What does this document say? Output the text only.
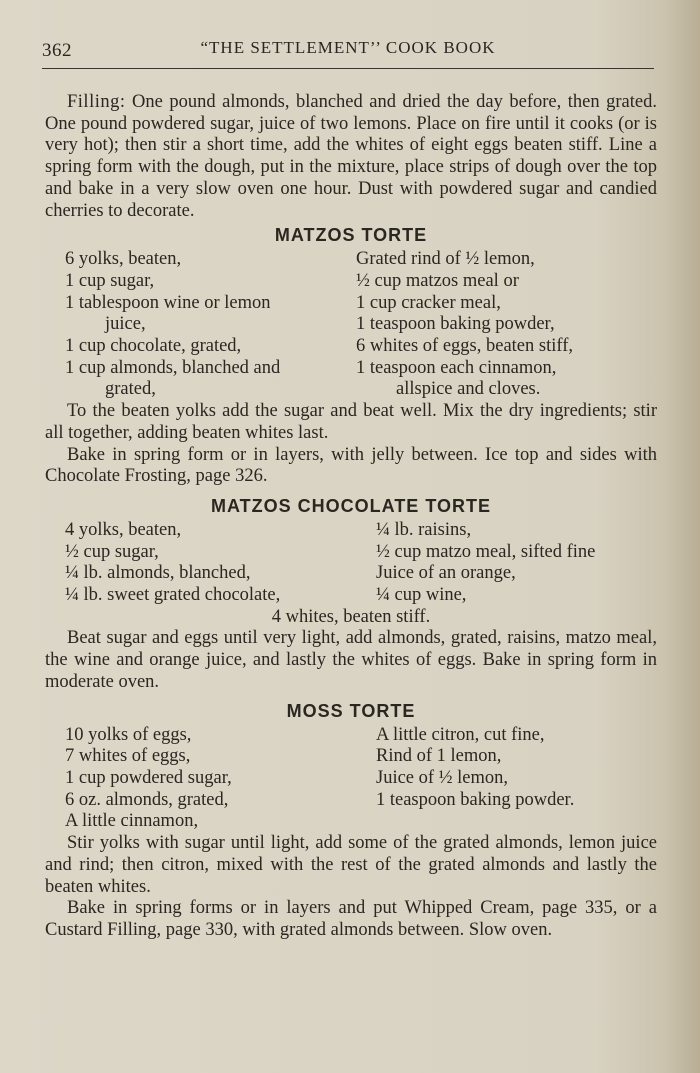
362	“THE SETTLEMENT’’ COOK BOOK

Filling: One pound almonds, blanched and dried the day before, then grated. One pound powdered sugar, juice of two lemons. Place on fire until it cooks (or is very hot); then stir a short time, add the whites of eight eggs beaten stiff. Line a spring form with the dough, put in the mixture, place strips of dough over the top and bake in a very slow oven one hour. Dust with powdered sugar and candied cherries to decorate.

MATZOS TORTE
6 yolks, beaten,
1 cup sugar,
1 tablespoon wine or lemon
juice,
1 cup chocolate, grated,
1 cup almonds, blanched and
grated,
Grated rind of ½ lemon,
½ cup matzos meal or
1 cup cracker meal,
1 teaspoon baking powder,
6 whites of eggs, beaten stiff,
1 teaspoon each cinnamon,
allspice and cloves.

To the beaten yolks add the sugar and beat well. Mix the dry ingredients; stir all together, adding beaten whites last.

Bake in spring form or in layers, with jelly between. Ice top and sides with Chocolate Frosting, page 326.

MATZOS CHOCOLATE TORTE
4 yolks, beaten,
½ cup sugar,
¼ lb. almonds, blanched,
¼ lb. sweet grated chocolate,
¼ lb. raisins,
½ cup matzo meal, sifted fine
Juice of an orange,
¼ cup wine,
4 whites, beaten stiff.

Beat sugar and eggs until very light, add almonds, grated, raisins, matzo meal, the wine and orange juice, and lastly the whites of eggs. Bake in spring form in moderate oven.

MOSS TORTE
10 yolks of eggs,
7 whites of eggs,
1 cup powdered sugar,
6 oz. almonds, grated,
A little cinnamon,
A little citron, cut fine,
Rind of 1 lemon,
Juice of ½ lemon,
1 teaspoon baking powder.

Stir yolks with sugar until light, add some of the grated almonds, lemon juice and rind; then citron, mixed with the rest of the grated almonds and lastly the beaten whites.

Bake in spring forms or in layers and put Whipped Cream, page 335, or a Custard Filling, page 330, with grated almonds between. Slow oven.
